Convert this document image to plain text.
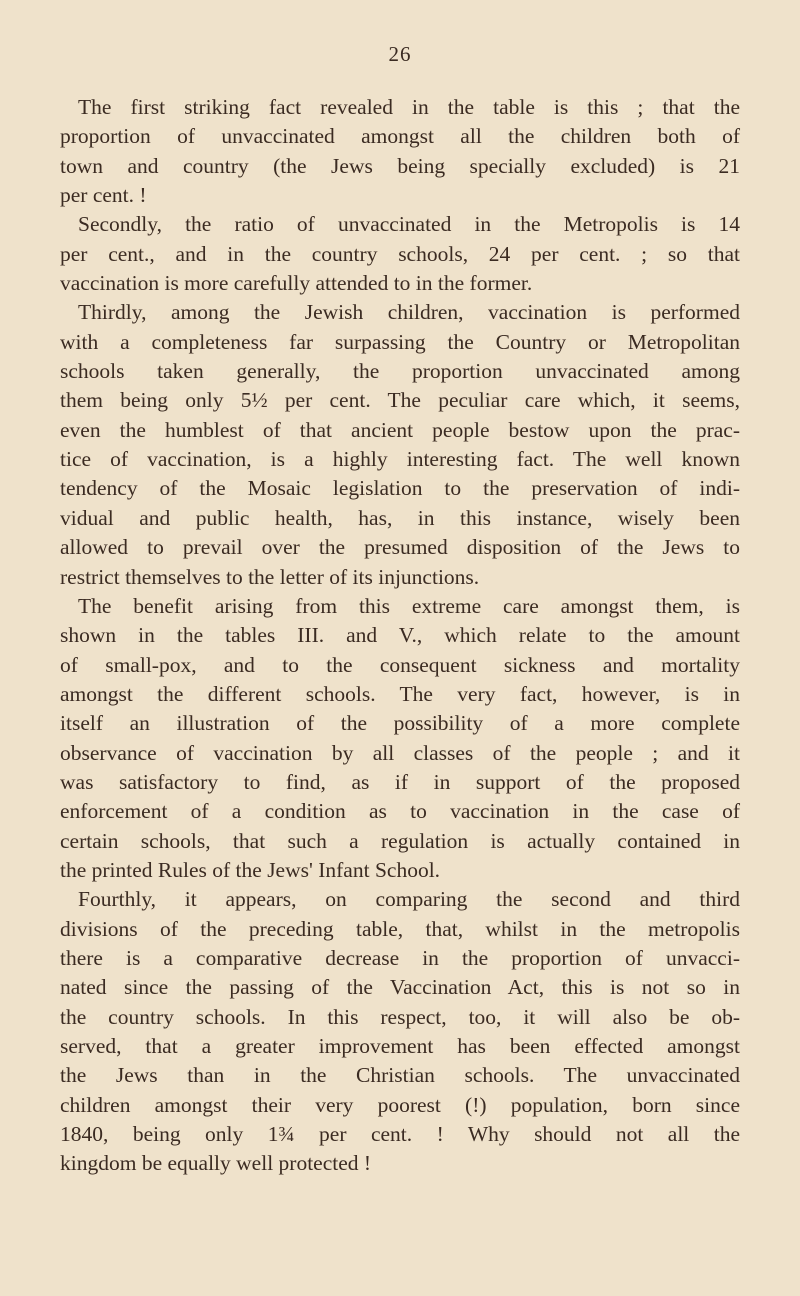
26
The first striking fact revealed in the table is this ; that the
proportion of unvaccinated amongst all the children both of
town and country (the Jews being specially excluded) is 21
per cent. !
Secondly, the ratio of unvaccinated in the Metropolis is 14
per cent., and in the country schools, 24 per cent. ; so that
vaccination is more carefully attended to in the former.
Thirdly, among the Jewish children, vaccination is performed
with a completeness far surpassing the Country or Metropolitan
schools taken generally, the proportion unvaccinated among
them being only 5½ per cent. The peculiar care which, it seems,
even the humblest of that ancient people bestow upon the prac-
tice of vaccination, is a highly interesting fact. The well known
tendency of the Mosaic legislation to the preservation of indi-
vidual and public health, has, in this instance, wisely been
allowed to prevail over the presumed disposition of the Jews to
restrict themselves to the letter of its injunctions.
The benefit arising from this extreme care amongst them, is
shown in the tables III. and V., which relate to the amount
of small-pox, and to the consequent sickness and mortality
amongst the different schools. The very fact, however, is in
itself an illustration of the possibility of a more complete
observance of vaccination by all classes of the people ; and it
was satisfactory to find, as if in support of the proposed
enforcement of a condition as to vaccination in the case of
certain schools, that such a regulation is actually contained in
the printed Rules of the Jews' Infant School.
Fourthly, it appears, on comparing the second and third
divisions of the preceding table, that, whilst in the metropolis
there is a comparative decrease in the proportion of unvacci-
nated since the passing of the Vaccination Act, this is not so in
the country schools. In this respect, too, it will also be ob-
served, that a greater improvement has been effected amongst
the Jews than in the Christian schools. The unvaccinated
children amongst their very poorest (!) population, born since
1840, being only 1¾ per cent. ! Why should not all the
kingdom be equally well protected !
